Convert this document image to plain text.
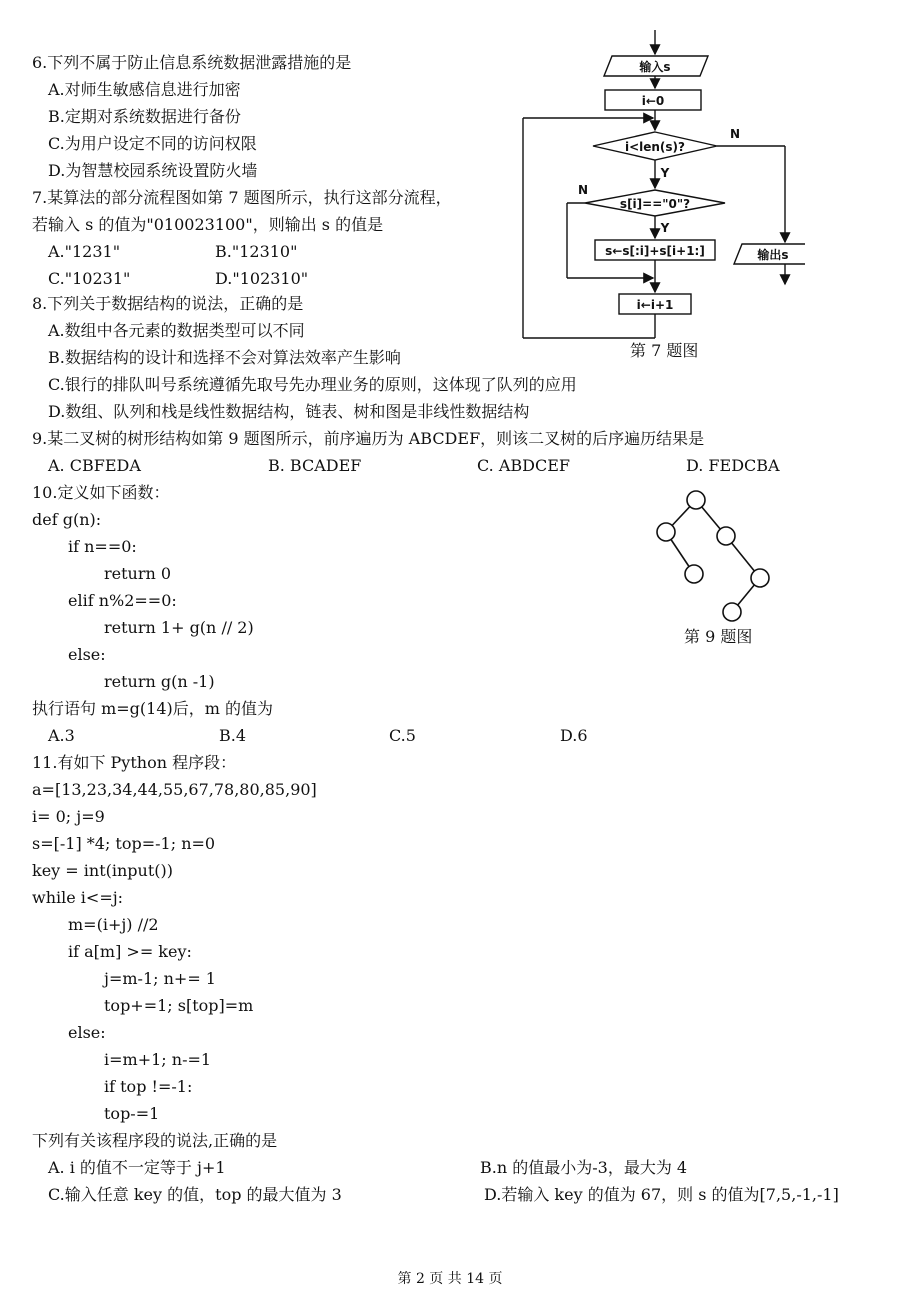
6.下列不属于防止信息系统数据泄露措施的是
A.对师生敏感信息进行加密
B.定期对系统数据进行备份
C.为用户设定不同的访问权限
D.为智慧校园系统设置防火墙
7.某算法的部分流程图如第 7 题图所示，执行这部分流程，
若输入 s 的值为"010023100"，则输出 s 的值是
A."1231"	B."12310"
C."10231"	D."102310"
输入s
i←0
i<len(s)?
s[i]=="0"?
s←s[:i]+s[i+1:]
i←i+1
输出s
N
Y
N
Y
第 7 题图
8.下列关于数据结构的说法，正确的是
A.数组中各元素的数据类型可以不同
B.数据结构的设计和选择不会对算法效率产生影响
C.银行的排队叫号系统遵循先取号先办理业务的原则，这体现了队列的应用
D.数组、队列和栈是线性数据结构，链表、树和图是非线性数据结构
9.某二叉树的树形结构如第 9 题图所示，前序遍历为 ABCDEF，则该二叉树的后序遍历结果是
A. CBFEDA	B. BCADEF	C. ABDCEF	D. FEDCBA
第 9 题图
10.定义如下函数：
def g(n):
if n==0:
return 0
elif n%2==0:
return 1+ g(n // 2)
else:
return g(n -1)
执行语句 m=g(14)后，m 的值为
A.3	B.4	C.5	D.6
11.有如下 Python 程序段：
a=[13,23,34,44,55,67,78,80,85,90]
i= 0; j=9
s=[-1] *4; top=-1; n=0
key = int(input())
while i<=j:
m=(i+j) //2
if a[m] >= key:
j=m-1; n+= 1
top+=1; s[top]=m
else:
i=m+1; n-=1
if top !=-1:
top-=1
下列有关该程序段的说法,正确的是
A. i 的值不一定等于 j+1	B.n 的值最小为-3，最大为 4
C.输入任意 key 的值，top 的最大值为 3	D.若输入 key 的值为 67，则 s 的值为[7,5,-1,-1]
第 2 页 共 14 页
